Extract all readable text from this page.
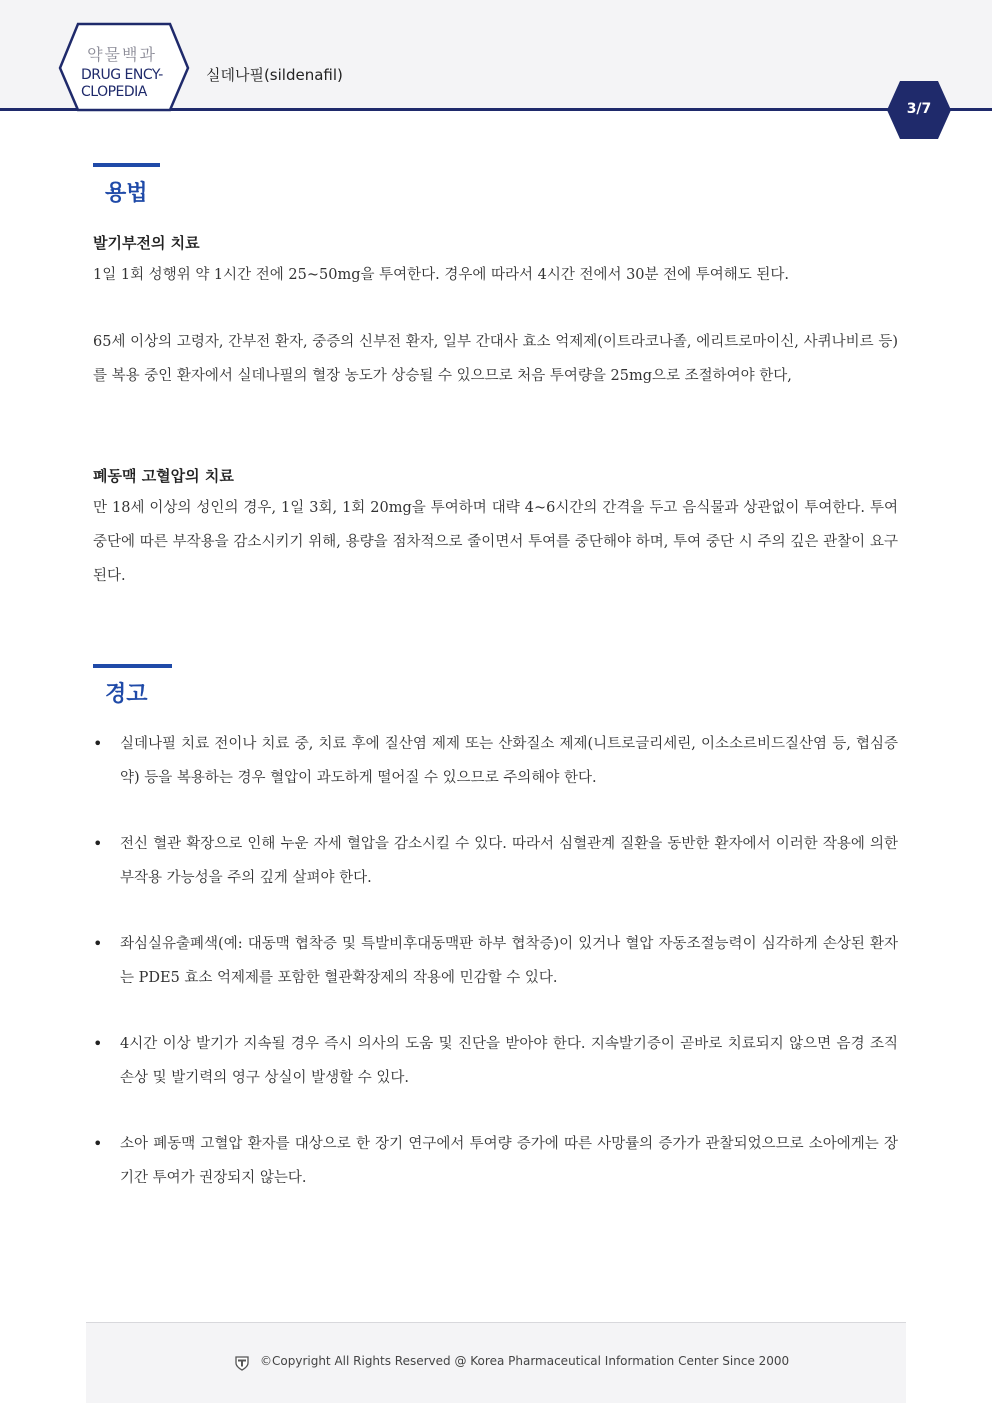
약물백과
DRUG ENCY-
CLOPEDIA
실데나필(sildenafil)
3/7
용법
발기부전의 치료
1일 1회 성행위 약 1시간 전에 25~50mg을 투여한다. 경우에 따라서 4시간 전에서 30분 전에 투여해도 된다.
65세 이상의 고령자, 간부전 환자, 중증의 신부전 환자, 일부 간대사 효소 억제제(이트라코나졸, 에리트로마이신, 사퀴나비르 등)를 복용 중인 환자에서 실데나필의 혈장 농도가 상승될 수 있으므로 처음 투여량을 25mg으로 조절하여야 한다,
폐동맥 고혈압의 치료
만 18세 이상의 성인의 경우, 1일 3회, 1회 20mg을 투여하며 대략 4~6시간의 간격을 두고 음식물과 상관없이 투여한다. 투여 중단에 따른 부작용을 감소시키기 위해, 용량을 점차적으로 줄이면서 투여를 중단해야 하며, 투여 중단 시 주의 깊은 관찰이 요구된다.
경고
• 실데나필 치료 전이나 치료 중, 치료 후에 질산염 제제 또는 산화질소 제제(니트로글리세린, 이소소르비드질산염 등, 협심증약) 등을 복용하는 경우 혈압이 과도하게 떨어질 수 있으므로 주의해야 한다.
• 전신 혈관 확장으로 인해 누운 자세 혈압을 감소시킬 수 있다. 따라서 심혈관계 질환을 동반한 환자에서 이러한 작용에 의한 부작용 가능성을 주의 깊게 살펴야 한다.
• 좌심실유출폐색(예: 대동맥 협착증 및 특발비후대동맥판 하부 협착증)이 있거나 혈압 자동조절능력이 심각하게 손상된 환자는 PDE5 효소 억제제를 포함한 혈관확장제의 작용에 민감할 수 있다.
• 4시간 이상 발기가 지속될 경우 즉시 의사의 도움 및 진단을 받아야 한다. 지속발기증이 곧바로 치료되지 않으면 음경 조직손상 및 발기력의 영구 상실이 발생할 수 있다.
• 소아 폐동맥 고혈압 환자를 대상으로 한 장기 연구에서 투여량 증가에 따른 사망률의 증가가 관찰되었으므로 소아에게는 장기간 투여가 권장되지 않는다.
©Copyright All Rights Reserved @ Korea Pharmaceutical Information Center Since 2000
